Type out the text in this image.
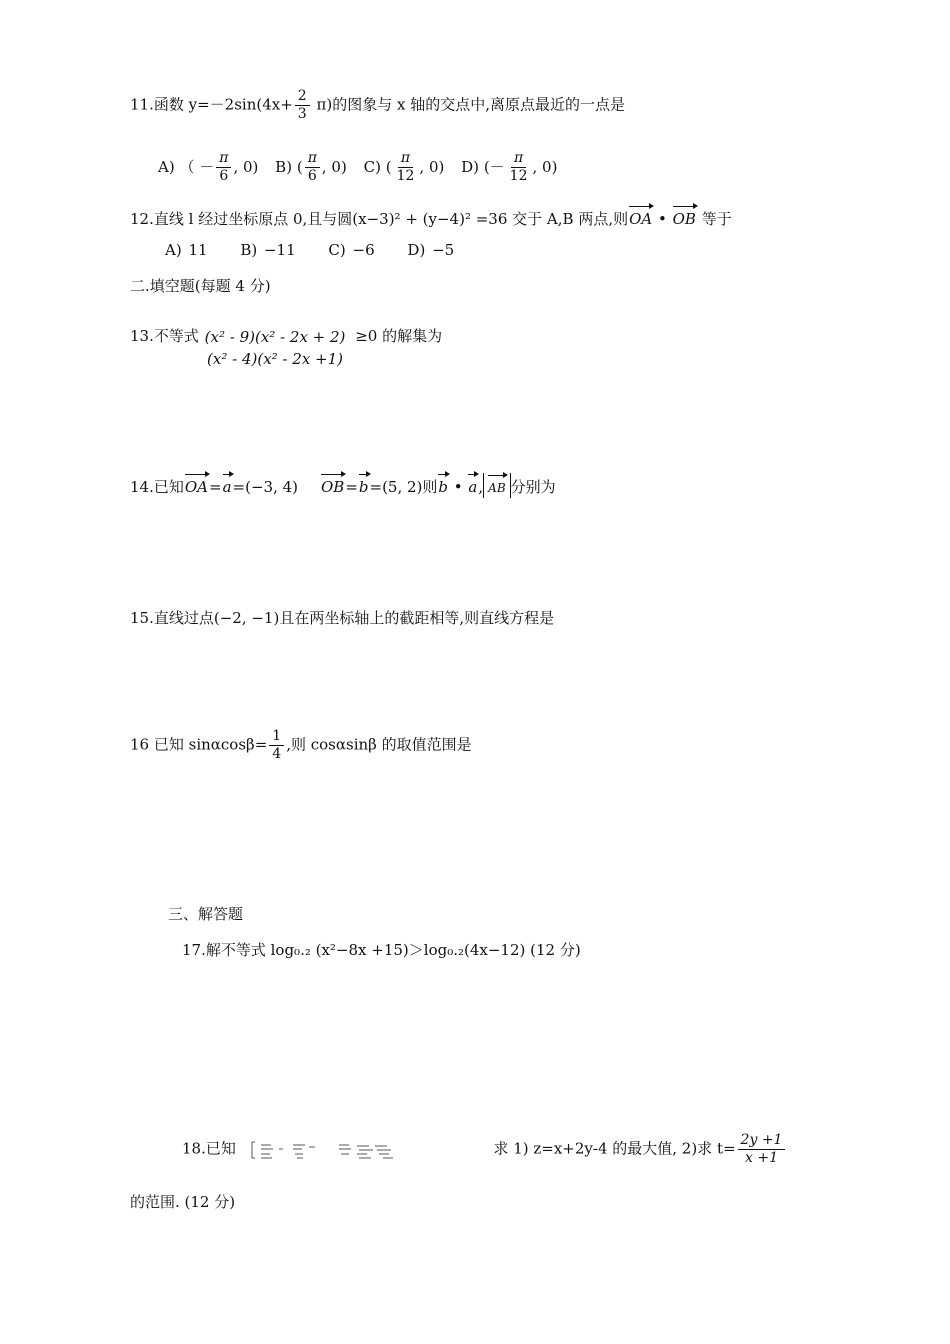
11.函数 $y=-2\sin(4x+ \frac{2}{3} \pi)$的图象与 x 轴的交点中,离原点最近的一点是
A) （ － $\frac{\pi}{6}$ , 0) B) ( $\frac{\pi}{6}$ , 0) C) ( $\frac{\pi}{12}$ , 0) D) (－ $\frac{\pi}{12}$ , 0)
12.直线 l 经过坐标原点 0,且与圆(x−3)² + (y−4)² =36 交于 A,B 两点,则OA • OB 等于
A) 11 B) −11 C) −6 D) −5
二.填空题(每题 4 分)
13.不等式 (x² - 9)(x² - 2x + 2)
(x² - 4)(x² - 2x +1)
≥0 的解集为
14.已知OA=a=(−3, 4) OB=b=(5, 2)则b • a, AB 分别为
15.直线过点(−2, −1)且在两坐标轴上的截距相等,则直线方程是
16 已知 $\sin\alpha\cos\beta= \frac{1}{4}$ ,则 cosαsinβ 的取值范围是
三、解答题
17.解不等式 log₀.₂ (x²−8x +15)＞log₀.₂(4x−12) (12 分)
18.已知	求 1) z=x+2y-4 的最大值, 2)求 $t= \frac{2y +1}{x +1}$
的范围. (12 分)
